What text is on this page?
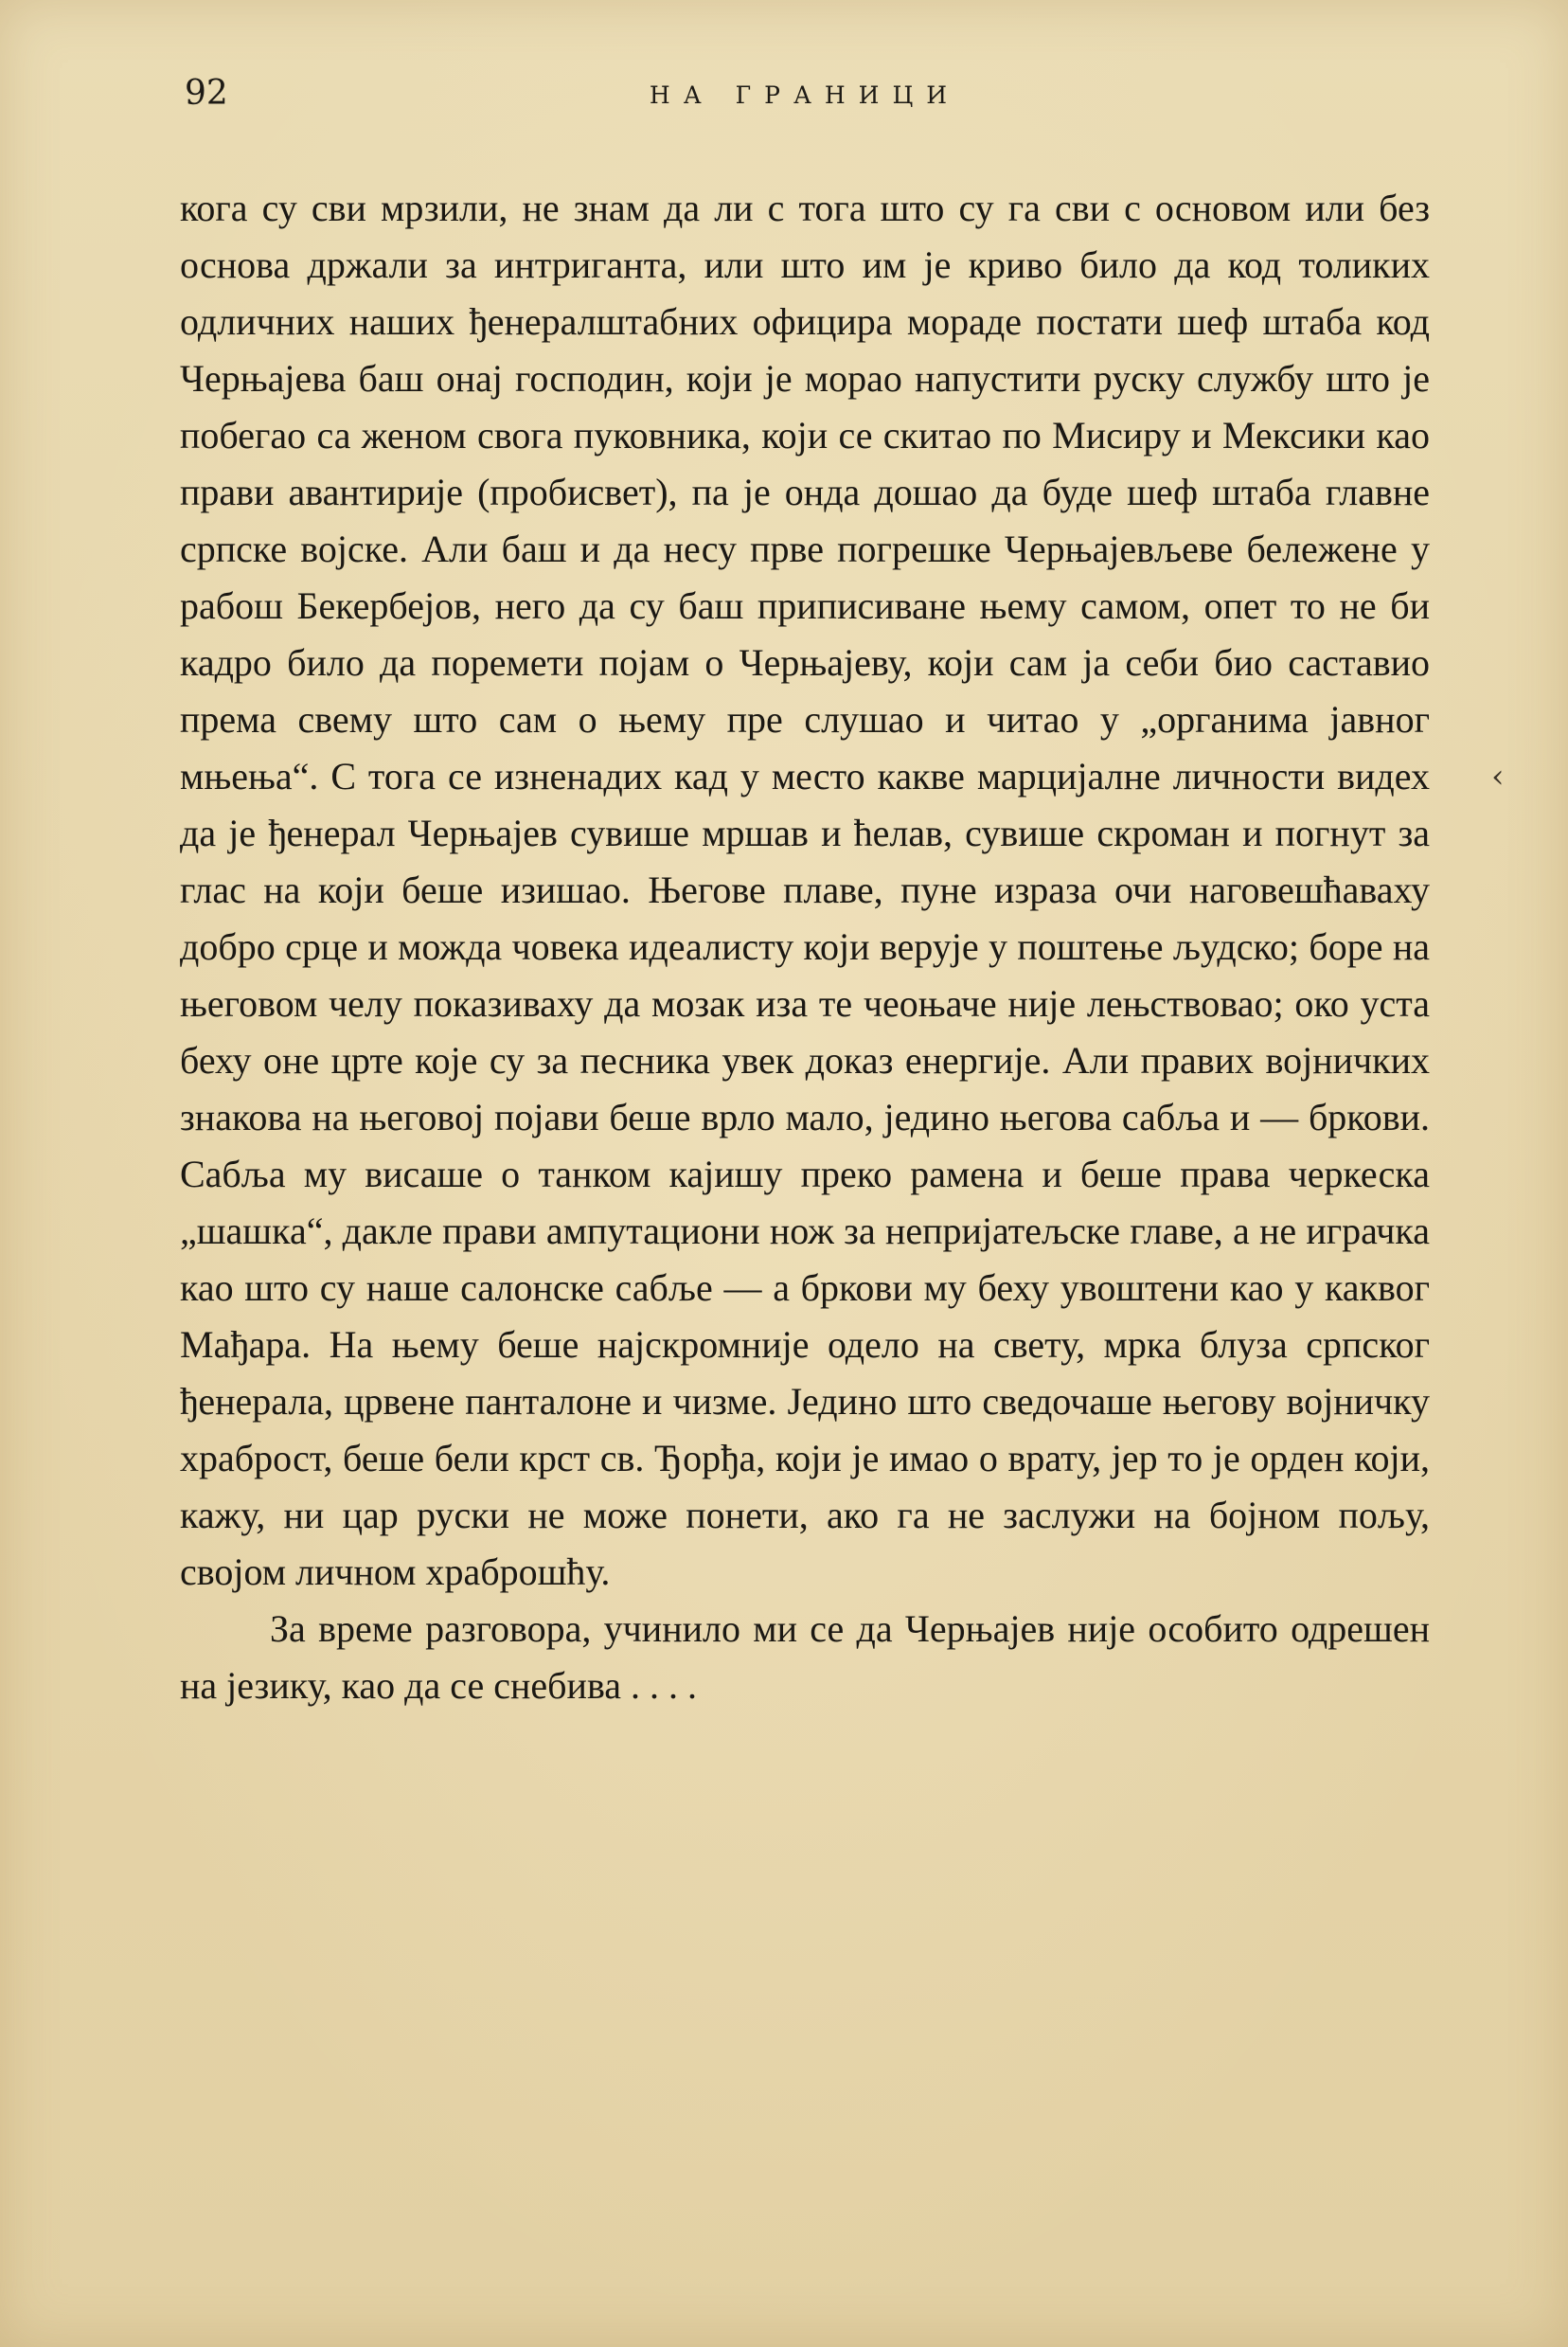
92	НА ГРАНИЦИ

кога су сви мрзили, не знам да ли с тога што су га сви с основом или без основа држали за интриганта, или што им је криво било да код толиких одличних наших ђенералштабних официра мораде постати шеф штаба код Черњајева баш онај господин, који је морао напустити руску службу што је побегао са женом свога пуковника, који се скитао по Мисиру и Мексики као прави авантирије (пробисвет), па је онда дошао да буде шеф штаба главне српске војске. Али баш и да несу прве погрешке Черњајевљеве бележене у рабош Бекербејов, него да су баш приписиване њему самом, опет то не би кадро било да поремети појам о Черњајеву, који сам ја себи био саставио према свему што сам о њему пре слушао и читао у „органима јавног мњења“. С тога се изненадих кад у место какве марцијалне личности видех да је ђенерал Черњајев сувише мршав и ћелав, сувише скроман и погнут за глас на који беше изишао. Његове плаве, пуне израза очи наговешћаваху добро срце и можда човека идеалисту који верује у поштење људско; боре на његовом челу показиваху да мозак иза те чеоњаче није лењствовао; око уста беху оне црте које су за песника увек доказ енергије. Али правих војничких знакова на његовој појави беше врло мало, једино његова сабља и — бркови. Сабља му висаше о танком кајишу преко рамена и беше права черкеска „шашка“, дакле прави ампутациони нож за непријатељске главе, а не играчка као што су наше салонске сабље — а бркови му беху увоштени као у каквог Мађара. На њему беше најскромније одело на свету, мрка блуза српског ђенерала, црвене панталоне и чизме. Једино што сведочаше његову војничку храброст, беше бели крст св. Ђорђа, који је имао о врату, јер то је орден који, кажу, ни цар руски не може понети, ако га не заслужи на бојном пољу, својом личном храброшћу.

За време разговора, учинило ми се да Черњајев није особито одрешен на језику, као да се снебива . . . .

‹
